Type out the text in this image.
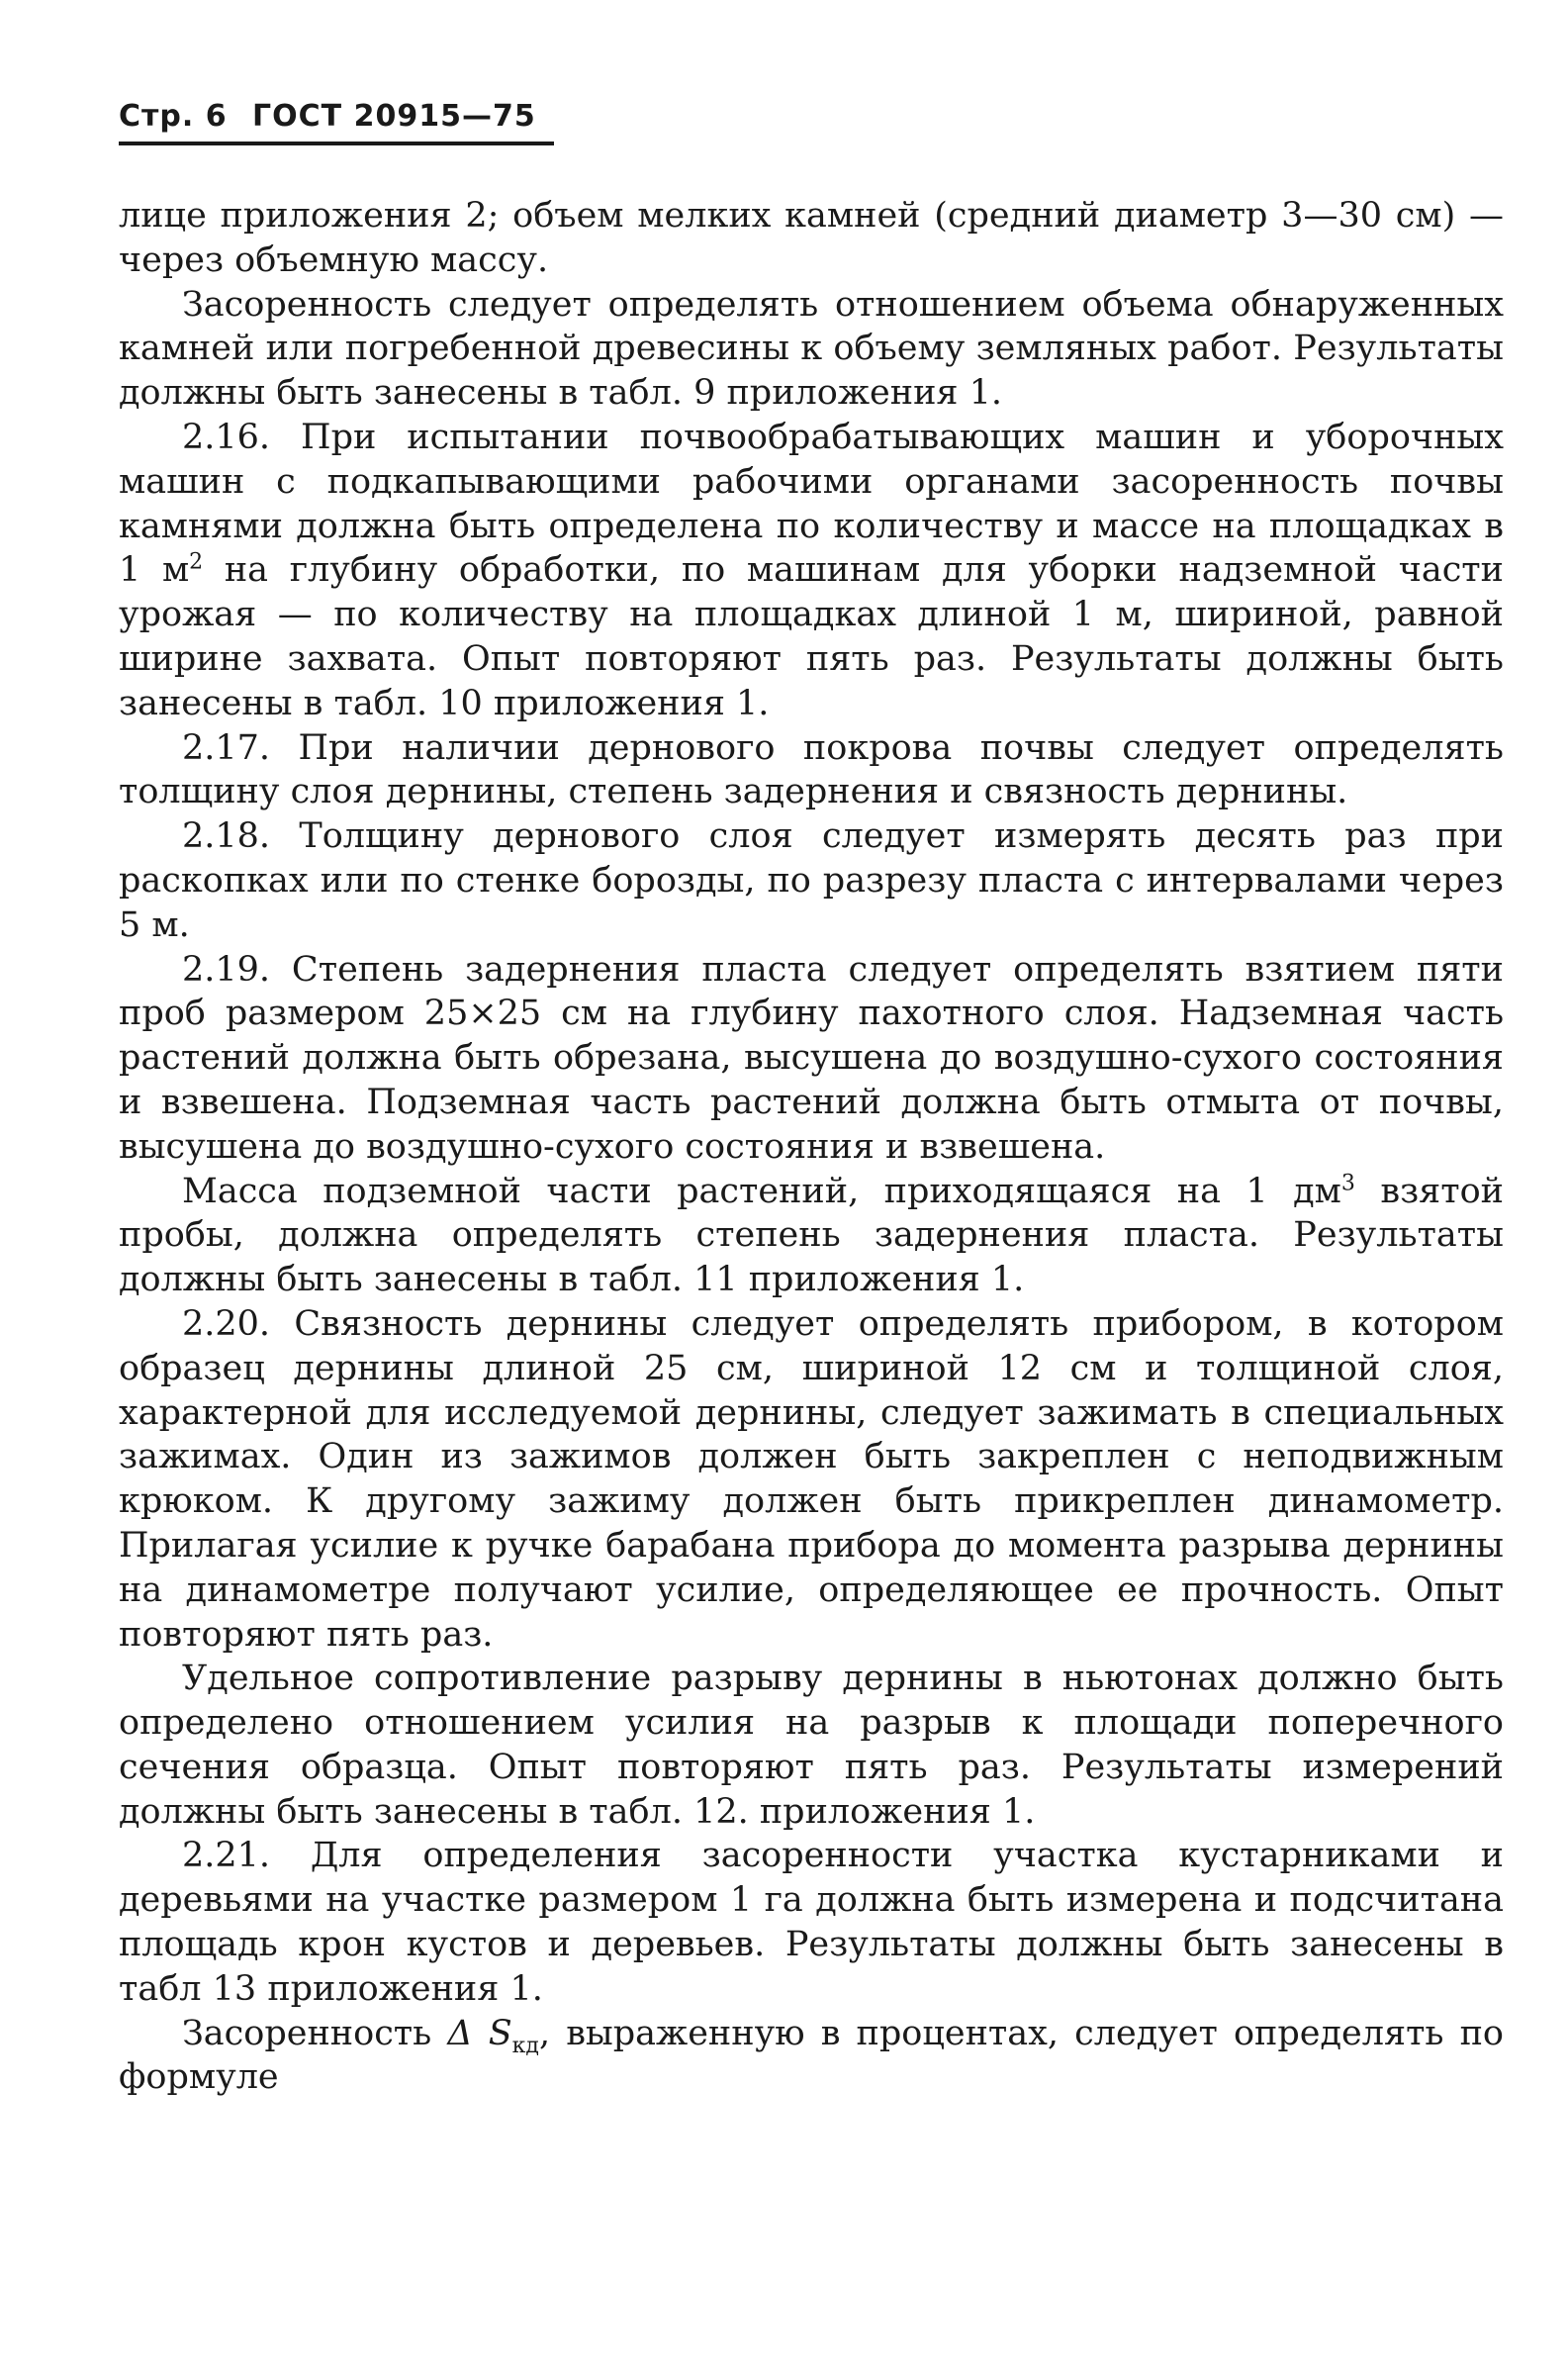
Стр. 6 ГОСТ 20915—75

лице приложения 2; объем мелких камней (средний диаметр 3—30 см) — через объемную массу.

Засоренность следует определять отношением объема обнаруженных камней или погребенной древесины к объему земляных работ. Результаты должны быть занесены в табл. 9 приложения 1.

2.16. При испытании почвообрабатывающих машин и уборочных машин с подкапывающими рабочими органами засоренность почвы камнями должна быть определена по количеству и массе на площадках в 1 $м^2$ на глубину обработки, по машинам для уборки надземной части урожая — по количеству на площадках длиной 1 м, шириной, равной ширине захвата. Опыт повторяют пять раз. Результаты должны быть занесены в табл. 10 приложения 1.

2.17. При наличии дернового покрова почвы следует определять толщину слоя дернины, степень задернения и связность дернины.

2.18. Толщину дернового слоя следует измерять десять раз при раскопках или по стенке борозды, по разрезу пласта с интервалами через 5 м.

2.19. Степень задернения пласта следует определять взятием пяти проб размером 25×25 см на глубину пахотного слоя. Надземная часть растений должна быть обрезана, высушена до воздушно-сухого состояния и взвешена. Подземная часть растений должна быть отмыта от почвы, высушена до воздушно-сухого состояния и взвешена.

Масса подземной части растений, приходящаяся на 1 $дм^3$ взятой пробы, должна определять степень задернения пласта. Результаты должны быть занесены в табл. 11 приложения 1.

2.20. Связность дернины следует определять прибором, в котором образец дернины длиной 25 см, шириной 12 см и толщиной слоя, характерной для исследуемой дернины, следует зажимать в специальных зажимах. Один из зажимов должен быть закреплен с неподвижным крюком. К другому зажиму должен быть прикреплен динамометр. Прилагая усилие к ручке барабана прибора до момента разрыва дернины на динамометре получают усилие, определяющее ее прочность. Опыт повторяют пять раз.

Удельное сопротивление разрыву дернины в ньютонах должно быть определено отношением усилия на разрыв к площади поперечного сечения образца. Опыт повторяют пять раз. Результаты измерений должны быть занесены в табл. 12. приложения 1.

2.21. Для определения засоренности участка кустарниками и деревьями на участке размером 1 га должна быть измерена и подсчитана площадь крон кустов и деревьев. Результаты должны быть занесены в табл 13 приложения 1.

Засоренность Δ $S_{кд}$, выраженную в процентах, следует определять по формуле
